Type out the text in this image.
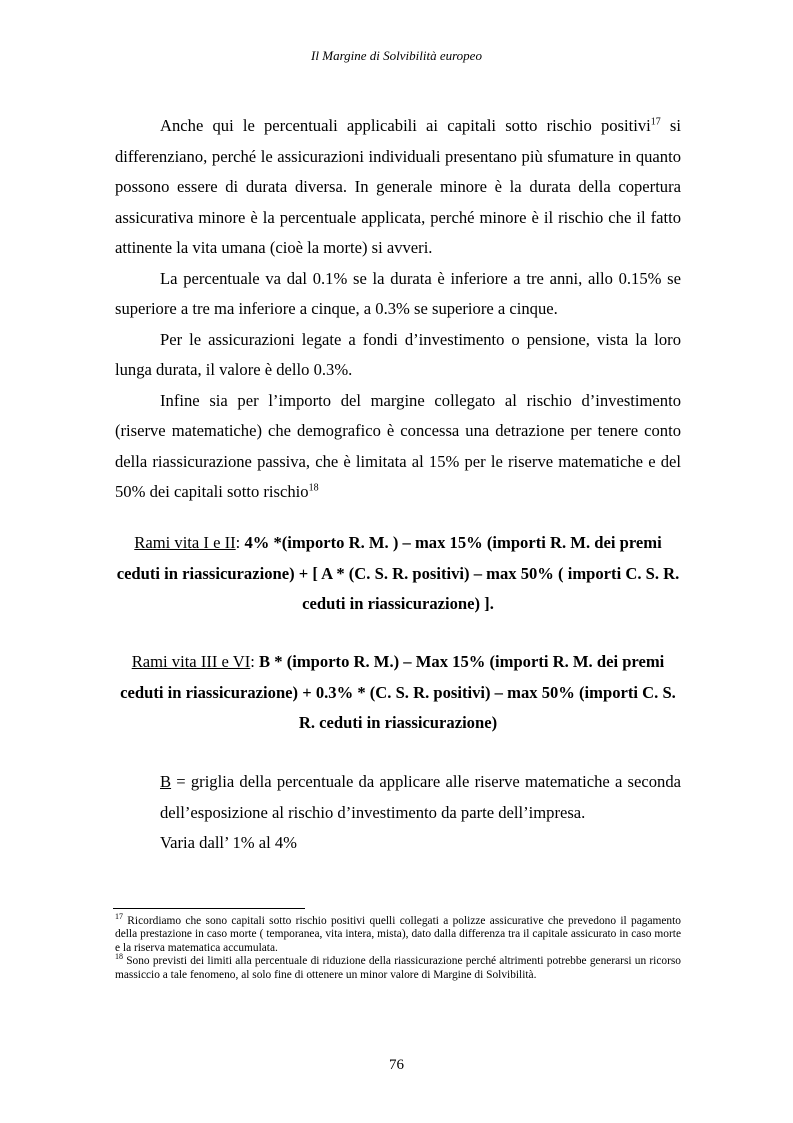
Il Margine di Solvibilità europeo

Anche qui le percentuali applicabili ai capitali sotto rischio positivi$^{17}$ si differenziano, perché le assicurazioni individuali presentano più sfumature in quanto possono essere di durata diversa. In generale minore è la durata della copertura assicurativa minore è la percentuale applicata, perché minore è il rischio che il fatto attinente la vita umana (cioè la morte) si avveri.

La percentuale va dal 0.1% se la durata è inferiore a tre anni, allo 0.15% se superiore a tre ma inferiore a cinque, a 0.3% se superiore a cinque.

Per le assicurazioni legate a fondi d’investimento o pensione, vista la loro lunga durata, il valore è dello 0.3%.

Infine sia per l’importo del margine collegato al rischio d’investimento (riserve matematiche) che demografico è concessa una detrazione per tenere conto della riassicurazione passiva, che è limitata al 15% per le riserve matematiche e del 50% dei capitali sotto rischio$^{18}$

Rami vita I e II: 4% *(importo R. M. ) – max 15% (importi R. M. dei premi ceduti in riassicurazione) + [ A * (C. S. R. positivi) – max 50% ( importi C. S. R. ceduti in riassicurazione) ].
Rami vita III e VI: B * (importo R. M.) – Max 15% (importi R. M. dei premi ceduti in riassicurazione) + 0.3% * (C. S. R. positivi) – max 50% (importi C. S. R. ceduti in riassicurazione)

B = griglia della percentuale da applicare alle riserve matematiche a seconda dell’esposizione al rischio d’investimento da parte dell’impresa.

Varia dall’ 1% al 4%

$^{17}$ Ricordiamo che sono capitali sotto rischio positivi quelli collegati a polizze assicurative che prevedono il pagamento della prestazione in caso morte ( temporanea, vita intera, mista), dato dalla differenza tra il capitale assicurato in caso morte e la riserva matematica accumulata.

$^{18}$ Sono previsti dei limiti alla percentuale di riduzione della riassicurazione perché altrimenti potrebbe generarsi un ricorso massiccio a tale fenomeno, al solo fine di ottenere un minor valore di Margine di Solvibilità.

76
